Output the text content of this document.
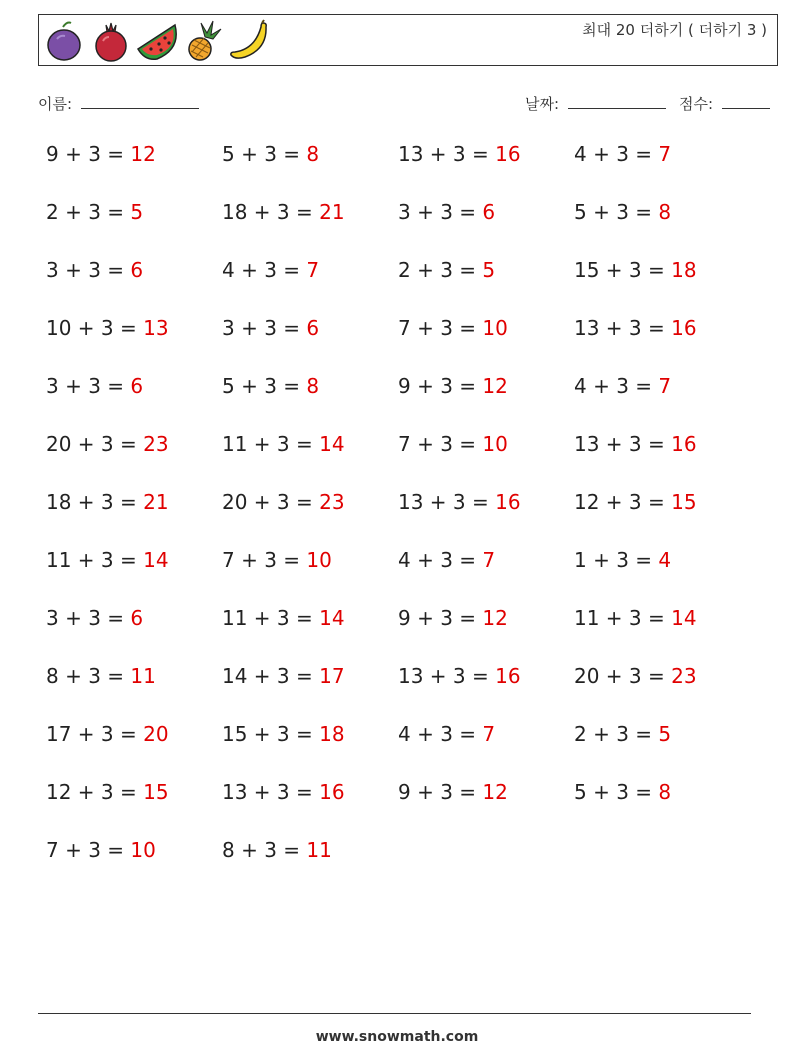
최대 20 더하기 ( 더하기 3 )
이름:	날짜:	점수:
9 + 3 = 12	5 + 3 = 8	13 + 3 = 16	4 + 3 = 7
2 + 3 = 5	18 + 3 = 21	3 + 3 = 6	5 + 3 = 8
3 + 3 = 6	4 + 3 = 7	2 + 3 = 5	15 + 3 = 18
10 + 3 = 13	3 + 3 = 6	7 + 3 = 10	13 + 3 = 16
3 + 3 = 6	5 + 3 = 8	9 + 3 = 12	4 + 3 = 7
20 + 3 = 23	11 + 3 = 14	7 + 3 = 10	13 + 3 = 16
18 + 3 = 21	20 + 3 = 23	13 + 3 = 16	12 + 3 = 15
11 + 3 = 14	7 + 3 = 10	4 + 3 = 7	1 + 3 = 4
3 + 3 = 6	11 + 3 = 14	9 + 3 = 12	11 + 3 = 14
8 + 3 = 11	14 + 3 = 17	13 + 3 = 16	20 + 3 = 23
17 + 3 = 20	15 + 3 = 18	4 + 3 = 7	2 + 3 = 5
12 + 3 = 15	13 + 3 = 16	9 + 3 = 12	5 + 3 = 8
7 + 3 = 10	8 + 3 = 11
www.snowmath.com
